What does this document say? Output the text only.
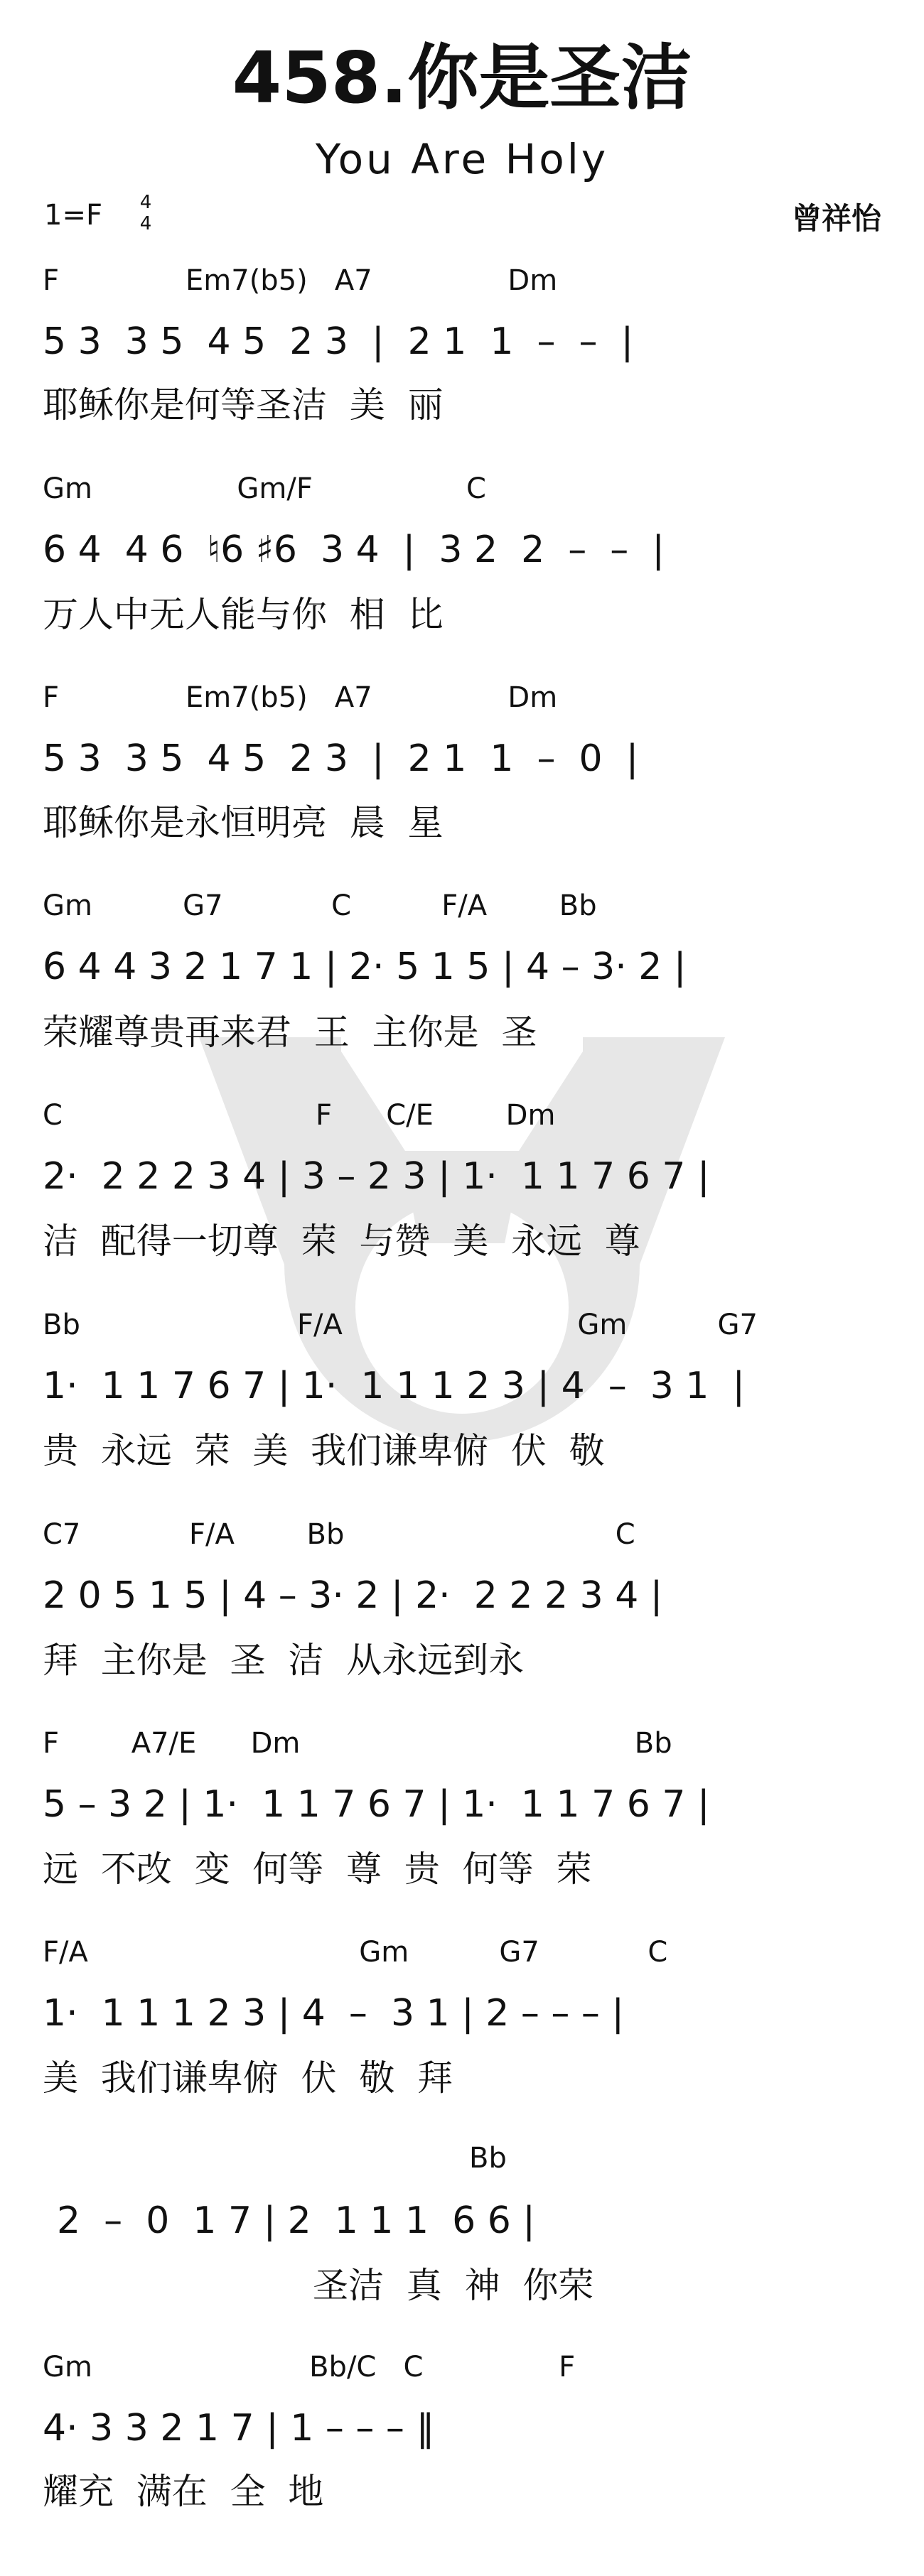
458.你是圣洁
You Are Holy
1=F 4
4	曾祥怡
F              Em7(b5)   A7               Dm
5 3  3 5  4 5  2 3  |  2 1  1  –  –  |
耶稣你是何等圣洁  美  丽
Gm                Gm/F                 C
6 4  4 6  ♮6 ♯6  3 4  |  3 2  2  –  –  |
万人中无人能与你  相  比
F              Em7(b5)   A7               Dm
5 3  3 5  4 5  2 3  |  2 1  1  –  0  |
耶稣你是永恒明亮  晨  星
Gm          G7            C          F/A        Bb
6 4 4 3 2 1 7 1 | 2· 5 1 5 | 4 – 3· 2 |
荣耀尊贵再来君  王  主你是  圣
C                            F      C/E        Dm
2·  2 2 2 3 4 | 3 – 2 3 | 1·  1 1 7 6 7 |
洁  配得一切尊  荣  与赞  美  永远  尊
Bb                        F/A                          Gm          G7
1·  1 1 7 6 7 | 1·  1 1 1 2 3 | 4  –  3 1  |
贵  永远  荣  美  我们谦卑俯  伏  敬
C7            F/A        Bb                              C
2 0 5 1 5 | 4 – 3· 2 | 2·  2 2 2 3 4 |
拜  主你是  圣  洁  从永远到永
F        A7/E      Dm                                     Bb
5 – 3 2 | 1·  1 1 7 6 7 | 1·  1 1 7 6 7 |
远  不改  变  何等  尊  贵  何等  荣
F/A                              Gm          G7            C
1·  1 1 1 2 3 | 4  –  3 1 | 2 – – – |
美  我们谦卑俯  伏  敬  拜
Bb
2  –  0  1 7 | 2  1 1 1  6 6 |
圣洁  真  神  你荣
Gm                        Bb/C   C               F
4· 3 3 2 1 7 | 1 – – – ‖
耀充  满在  全  地
